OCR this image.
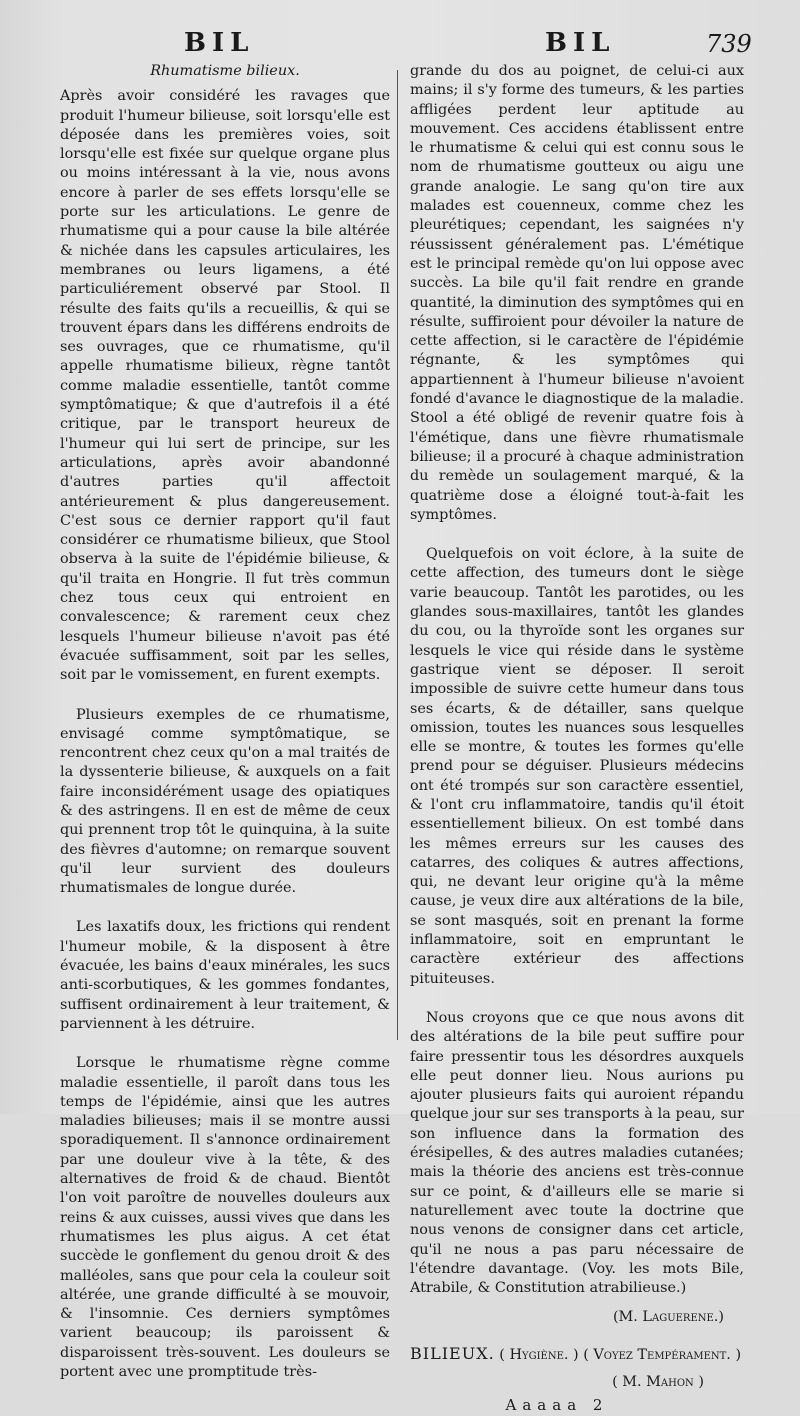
BIL	BIL	739
Rhumatisme bilieux.

Après avoir considéré les ravages que produit l'humeur bilieuse, soit lorsqu'elle est déposée dans les premières voies, soit lorsqu'elle est fixée sur quelque organe plus ou moins intéressant à la vie, nous avons encore à parler de ses effets lorsqu'elle se porte sur les articulations. Le genre de rhumatisme qui a pour cause la bile altérée & nichée dans les capsules articulaires, les membranes ou leurs ligamens, a été particuliérement observé par Stool. Il résulte des faits qu'ils a recueillis, & qui se trouvent épars dans les différens endroits de ses ouvrages, que ce rhumatisme, qu'il appelle rhumatisme bilieux, règne tantôt comme maladie essentielle, tantôt comme symptômatique; & que d'autrefois il a été critique, par le transport heureux de l'humeur qui lui sert de principe, sur les articulations, après avoir abandonné d'autres parties qu'il affectoit antérieurement & plus dangereusement. C'est sous ce dernier rapport qu'il faut considérer ce rhumatisme bilieux, que Stool observa à la suite de l'épidémie bilieuse, & qu'il traita en Hongrie. Il fut très commun chez tous ceux qui entroient en convalescence; & rarement ceux chez lesquels l'humeur bilieuse n'avoit pas été évacuée suffisamment, soit par les selles, soit par le vomissement, en furent exempts.

Plusieurs exemples de ce rhumatisme, envisagé comme symptômatique, se rencontrent chez ceux qu'on a mal traités de la dyssenterie bilieuse, & auxquels on a fait faire inconsidérément usage des opiatiques & des astringens. Il en est de même de ceux qui prennent trop tôt le quinquina, à la suite des fièvres d'automne; on remarque souvent qu'il leur survient des douleurs rhumatismales de longue durée.

Les laxatifs doux, les frictions qui rendent l'humeur mobile, & la disposent à être évacuée, les bains d'eaux minérales, les sucs anti-scorbutiques, & les gommes fondantes, suffisent ordinairement à leur traitement, & parviennent à les détruire.

Lorsque le rhumatisme règne comme maladie essentielle, il paroît dans tous les temps de l'épidémie, ainsi que les autres maladies bilieuses; mais il se montre aussi sporadiquement. Il s'annonce ordinairement par une douleur vive à la tête, & des alternatives de froid & de chaud. Bientôt l'on voit paroître de nouvelles douleurs aux reins & aux cuisses, aussi vives que dans les rhumatismes les plus aigus. A cet état succède le gonflement du genou droit & des malléoles, sans que pour cela la couleur soit altérée, une grande difficulté à se mouvoir, & l'insomnie. Ces derniers symptômes varient beaucoup; ils paroissent & disparoissent très-souvent. Les douleurs se portent avec une promptitude très-

grande du dos au poignet, de celui-ci aux mains; il s'y forme des tumeurs, & les parties affligées perdent leur aptitude au mouvement. Ces accidens établissent entre le rhumatisme & celui qui est connu sous le nom de rhumatisme goutteux ou aigu une grande analogie. Le sang qu'on tire aux malades est couenneux, comme chez les pleurétiques; cependant, les saignées n'y réussissent généralement pas. L'émétique est le principal remède qu'on lui oppose avec succès. La bile qu'il fait rendre en grande quantité, la diminution des symptômes qui en résulte, suffiroient pour dévoiler la nature de cette affection, si le caractère de l'épidémie régnante, & les symptômes qui appartiennent à l'humeur bilieuse n'avoient fondé d'avance le diagnostique de la maladie. Stool a été obligé de revenir quatre fois à l'émétique, dans une fièvre rhumatismale bilieuse; il a procuré à chaque administration du remède un soulagement marqué, & la quatrième dose a éloigné tout-à-fait les symptômes.

Quelquefois on voit éclore, à la suite de cette affection, des tumeurs dont le siège varie beaucoup. Tantôt les parotides, ou les glandes sous-maxillaires, tantôt les glandes du cou, ou la thyroïde sont les organes sur lesquels le vice qui réside dans le système gastrique vient se déposer. Il seroit impossible de suivre cette humeur dans tous ses écarts, & de détailler, sans quelque omission, toutes les nuances sous lesquelles elle se montre, & toutes les formes qu'elle prend pour se déguiser. Plusieurs médecins ont été trompés sur son caractère essentiel, & l'ont cru inflammatoire, tandis qu'il étoit essentiellement bilieux. On est tombé dans les mêmes erreurs sur les causes des catarres, des coliques & autres affections, qui, ne devant leur origine qu'à la même cause, je veux dire aux altérations de la bile, se sont masqués, soit en prenant la forme inflammatoire, soit en empruntant le caractère extérieur des affections pituiteuses.

Nous croyons que ce que nous avons dit des altérations de la bile peut suffire pour faire pressentir tous les désordres auxquels elle peut donner lieu. Nous aurions pu ajouter plusieurs faits qui auroient répandu quelque jour sur ses transports à la peau, sur son influence dans la formation des érésipelles, & des autres maladies cutanées; mais la théorie des anciens est très-connue sur ce point, & d'ailleurs elle se marie si naturellement avec toute la doctrine que nous venons de consigner dans cet article, qu'il ne nous a pas paru nécessaire de l'étendre davantage. (Voy. les mots Bile, Atrabile, & Constitution atrabilieuse.)

(M. Laguerene.)
BILIEUX. ( Hygiène. ) ( Voyez Tempérament. )
( M. Mahon )
Aaaaa 2
